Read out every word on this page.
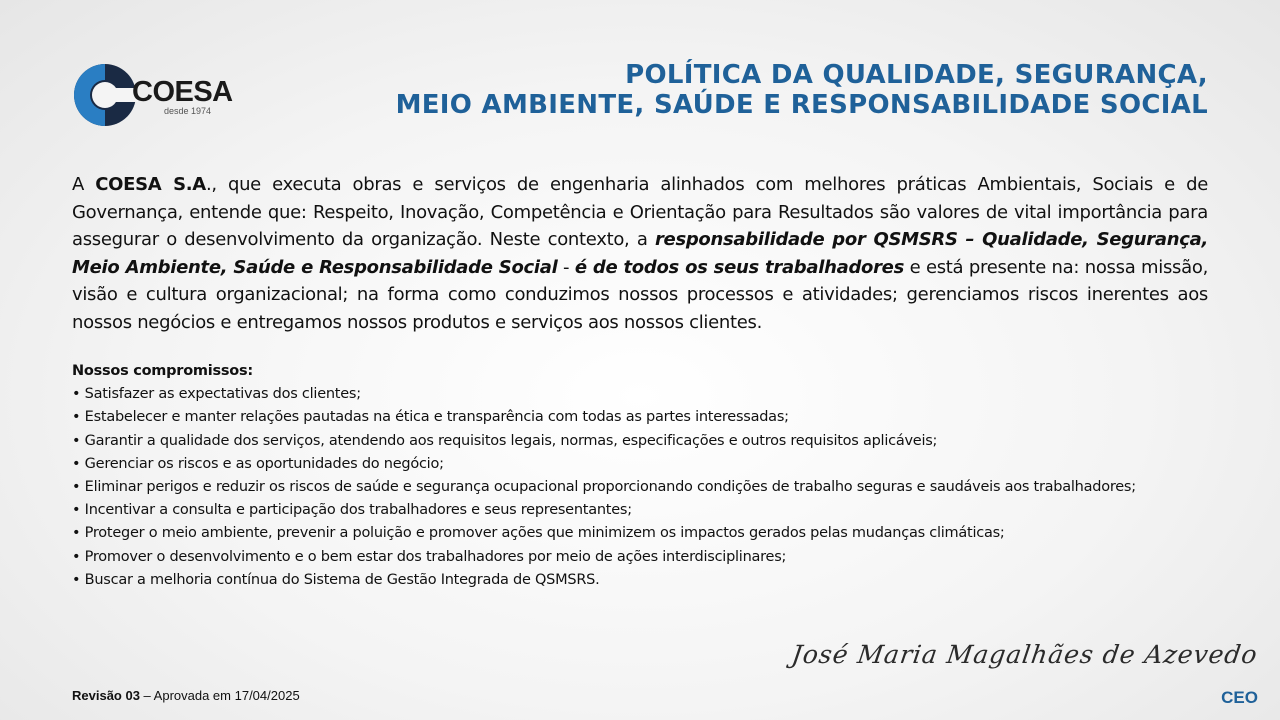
COESA
desde 1974
POLÍTICA DA QUALIDADE, SEGURANÇA,
MEIO AMBIENTE, SAÚDE E RESPONSABILIDADE SOCIAL
A COESA S.A., que executa obras e serviços de engenharia alinhados com melhores práticas Ambientais, Sociais e de Governança, entende que: Respeito, Inovação, Competência e Orientação para Resultados são valores de vital importância para assegurar o desenvolvimento da organização. Neste contexto, a responsabilidade por QSMSRS – Qualidade, Segurança, Meio Ambiente, Saúde e Responsabilidade Social - é de todos os seus trabalhadores e está presente na: nossa missão, visão e cultura organizacional; na forma como conduzimos nossos processos e atividades; gerenciamos riscos inerentes aos nossos negócios e entregamos nossos produtos e serviços aos nossos clientes.
Nossos compromissos:
• Satisfazer as expectativas dos clientes;
• Estabelecer e manter relações pautadas na ética e transparência com todas as partes interessadas;
• Garantir a qualidade dos serviços, atendendo aos requisitos legais, normas, especificações e outros requisitos aplicáveis;
• Gerenciar os riscos e as oportunidades do negócio;
• Eliminar perigos e reduzir os riscos de saúde e segurança ocupacional proporcionando condições de trabalho seguras e saudáveis aos trabalhadores;
• Incentivar a consulta e participação dos trabalhadores e seus representantes;
• Proteger o meio ambiente, prevenir a poluição e promover ações que minimizem os impactos gerados pelas mudanças climáticas;
• Promover o desenvolvimento e o bem estar dos trabalhadores por meio de ações interdisciplinares;
• Buscar a melhoria contínua do Sistema de Gestão Integrada de QSMSRS.
Revisão 03 – Aprovada em 17/04/2025
José Maria Magalhães de Azevedo
CEO
